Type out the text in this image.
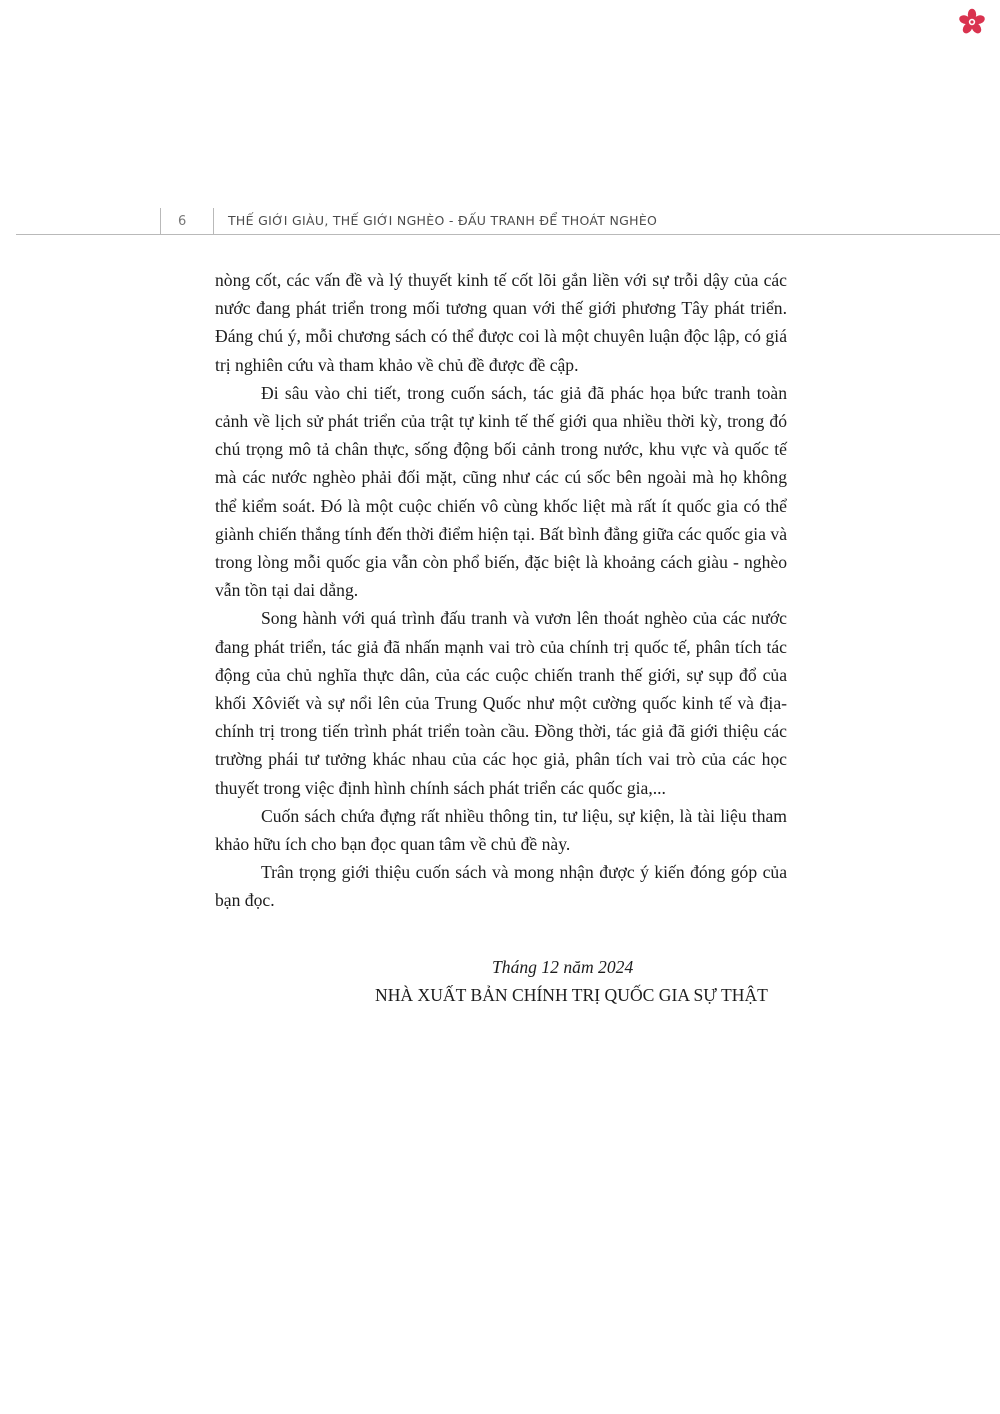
6	THẾ GIỚI GIÀU, THẾ GIỚI NGHÈO - ĐẤU TRANH ĐỂ THOÁT NGHÈO

nòng cốt, các vấn đề và lý thuyết kinh tế cốt lõi gắn liền với sự trỗi dậy của các nước đang phát triển trong mối tương quan với thế giới phương Tây phát triển. Đáng chú ý, mỗi chương sách có thể được coi là một chuyên luận độc lập, có giá trị nghiên cứu và tham khảo về chủ đề được đề cập.

Đi sâu vào chi tiết, trong cuốn sách, tác giả đã phác họa bức tranh toàn cảnh về lịch sử phát triển của trật tự kinh tế thế giới qua nhiều thời kỳ, trong đó chú trọng mô tả chân thực, sống động bối cảnh trong nước, khu vực và quốc tế mà các nước nghèo phải đối mặt, cũng như các cú sốc bên ngoài mà họ không thể kiểm soát. Đó là một cuộc chiến vô cùng khốc liệt mà rất ít quốc gia có thể giành chiến thắng tính đến thời điểm hiện tại. Bất bình đẳng giữa các quốc gia và trong lòng mỗi quốc gia vẫn còn phổ biến, đặc biệt là khoảng cách giàu - nghèo vẫn tồn tại dai dẳng.

Song hành với quá trình đấu tranh và vươn lên thoát nghèo của các nước đang phát triển, tác giả đã nhấn mạnh vai trò của chính trị quốc tế, phân tích tác động của chủ nghĩa thực dân, của các cuộc chiến tranh thế giới, sự sụp đổ của khối Xôviết và sự nổi lên của Trung Quốc như một cường quốc kinh tế và địa-chính trị trong tiến trình phát triển toàn cầu. Đồng thời, tác giả đã giới thiệu các trường phái tư tưởng khác nhau của các học giả, phân tích vai trò của các học thuyết trong việc định hình chính sách phát triển các quốc gia,...

Cuốn sách chứa đựng rất nhiều thông tin, tư liệu, sự kiện, là tài liệu tham khảo hữu ích cho bạn đọc quan tâm về chủ đề này.

Trân trọng giới thiệu cuốn sách và mong nhận được ý kiến đóng góp của bạn đọc.

Tháng 12 năm 2024
NHÀ XUẤT BẢN CHÍNH TRỊ QUỐC GIA SỰ THẬT
